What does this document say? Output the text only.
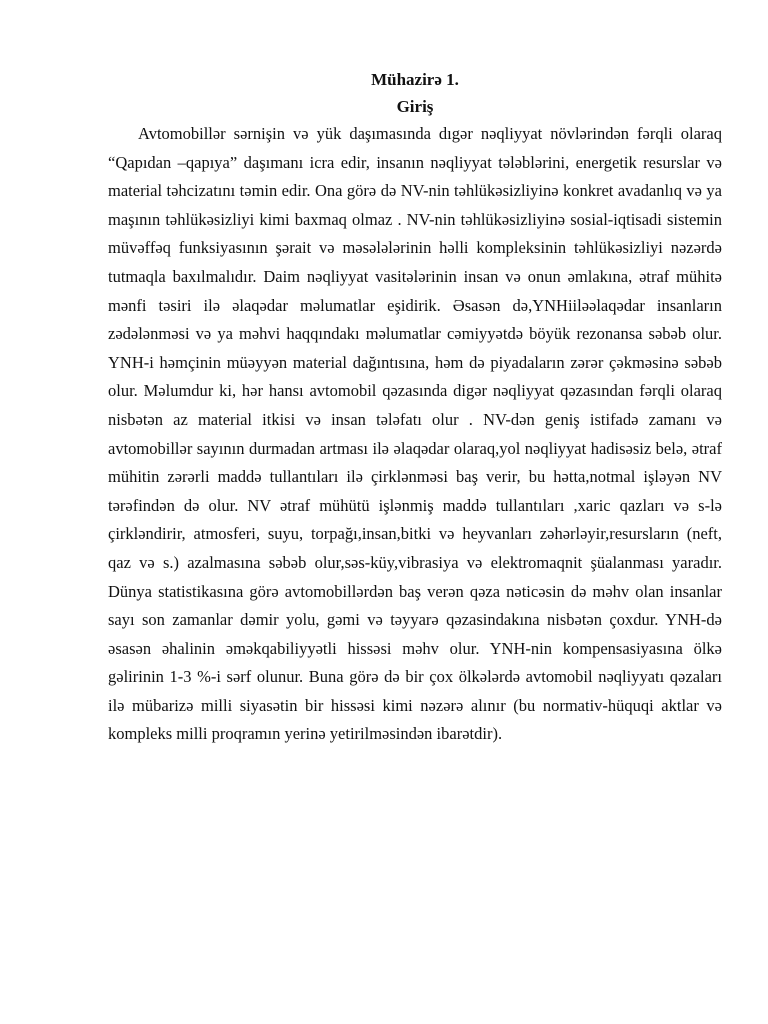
Mühazirə 1.
Giriş

Avtomobillər sərnişin və yük daşımasında dıgər nəqliyyat növlərindən fərqli olaraq “Qapıdan –qapıya” daşımanı icra edir, insanın nəqliyyat tələblərini, energetik resurslar və material təhcizatını təmin edir. Ona görə də NV-nin təhlükəsizliyinə konkret avadanlıq və ya maşının təhlükəsizliyi kimi baxmaq olmaz . NV-nin təhlükəsizliyinə sosial-iqtisadi sistemin müvəffəq funksiyasının şərait və məsələlərinin həlli kompleksinin təhlükəsizliyi nəzərdə tutmaqla baxılmalıdır. Daim nəqliyyat vasitələrinin insan və onun əmlakına, ətraf mühitə mənfi təsiri ilə əlaqədar məlumatlar eşidirik. Əsasən də,YNHiiləəlaqədar insanların zədələnməsi və ya məhvi haqqındakı məlumatlar cəmiyyətdə böyük rezonansa səbəb olur. YNH-i həmçinin müəyyən material dağıntısına, həm də piyadaların zərər çəkməsinə səbəb olur. Məlumdur ki, hər hansı avtomobil qəzasında digər nəqliyyat qəzasından fərqli olaraq nisbətən az material itkisi və insan tələfatı olur . NV-dən geniş istifadə zamanı və avtomobillər sayının durmadan artması ilə əlaqədar olaraq,yol nəqliyyat hadisəsiz belə, ətraf mühitin zərərli maddə tullantıları ilə çirklənməsi baş verir, bu hətta,notmal işləyən NV tərəfindən də olur. NV ətraf mühütü işlənmiş maddə tullantıları ,xaric qazları və s-lə çirkləndirir, atmosferi, suyu, torpağı,insan,bitki və heyvanları zəhərləyir,resursların (neft, qaz və s.) azalmasına səbəb olur,səs-küy,vibrasiya və elektromaqnit şüalanması yaradır. Dünya statistikasına görə avtomobillərdən baş verən qəza nəticəsin də məhv olan insanlar sayı son zamanlar dəmir yolu, gəmi və təyyarə qəzasindakına nisbətən çoxdur. YNH-də əsasən əhalinin əməkqabiliyyətli hissəsi məhv olur. YNH-nin kompensasiyasına ölkə gəlirinin 1-3 %-i sərf olunur. Buna görə də bir çox ölkələrdə avtomobil nəqliyyatı qəzaları ilə mübarizə milli siyasətin bir hissəsi kimi nəzərə alınır (bu normativ-hüquqi aktlar və kompleks milli proqramın yerinə yetirilməsindən ibarətdir).
